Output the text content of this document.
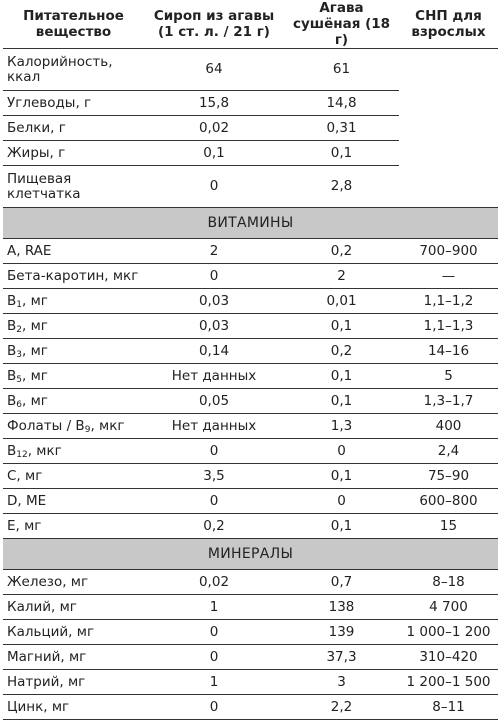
Питательное вещество	Сироп из агавы (1 ст. л. / 21 г)	Агава сушёная (18 г)	СНП для взрослых
Калорийность, ккал	64	61	
Углеводы, г	15,8	14,8	
Белки, г	0,02	0,31	
Жиры, г	0,1	0,1	
Пищевая клетчатка	0	2,8	
ВИТАМИНЫ			
A, RAE	2	0,2	700–900
Бета-каротин, мкг	0	2	—
$B_1$, мг	0,03	0,01	1,1–1,2
$B_2$, мг	0,03	0,1	1,1–1,3
$B_3$, мг	0,14	0,2	14–16
$B_5$, мг	Нет данных	0,1	5
$B_6$, мг	0,05	0,1	1,3–1,7
Фолаты / $B_9$, мкг	Нет данных	1,3	400
$B_{12}$, мкг	0	0	2,4
C, мг	3,5	0,1	75–90
D, МЕ	0	0	600–800
E, мг	0,2	0,1	15
МИНЕРАЛЫ			
Железо, мг	0,02	0,7	8–18
Калий, мг	1	138	4 700
Кальций, мг	0	139	1 000–1 200
Магний, мг	0	37,3	310–420
Натрий, мг	1	3	1 200–1 500
Цинк, мг	0	2,2	8–11
